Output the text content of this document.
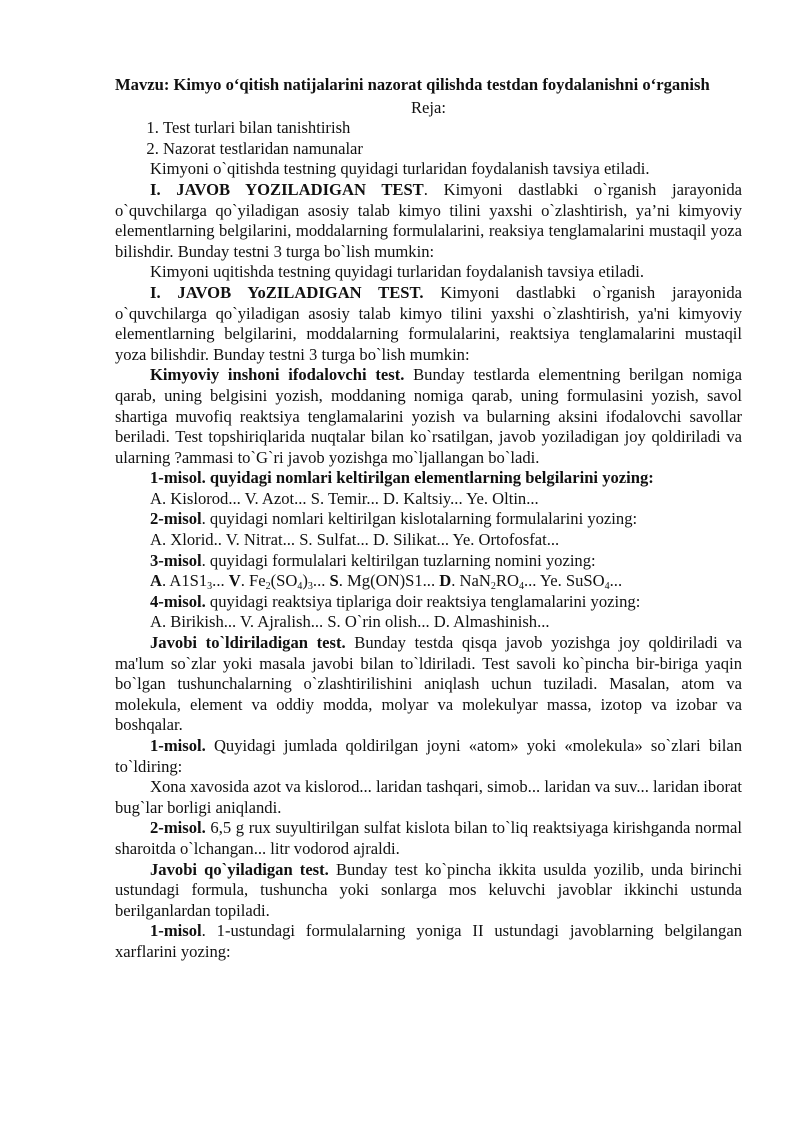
Mavzu: Kimyo o‘qitish natijalarini nazorat qilishda testdan foydalanishni o‘rganish

Reja:
1. Test turlari bilan tanishtirish
2. Nazorat testlaridan namunalar

Kimyoni o`qitishda testning quyidagi turlaridan foydalanish tavsiya etiladi.

I. JAVOB YOZILADIGAN TEST. Kimyoni dastlabki o`rganish jarayonida o`quvchilarga qo`yiladigan asosiy talab kimyo tilini yaxshi o`zlashtirish, ya’ni kimyoviy elementlarning belgilarini, moddalarning formulalarini, reaksiya tenglamalarini mustaqil yoza bilishdir. Bunday testni 3 turga bo`lish mumkin:

Kimyoni uqitishda testning quyidagi turlaridan foydalanish tavsiya etiladi.

I. JAVOB YoZILADIGAN TEST. Kimyoni dastlabki o`rganish jarayonida o`quvchilarga qo`yiladigan asosiy talab kimyo tilini yaxshi o`zlashtirish, ya'ni kimyoviy elementlarning belgilarini, moddalarning formulalarini, reaktsiya tenglamalarini mustaqil yoza bilishdir. Bunday testni 3 turga bo`lish mumkin:

Kimyoviy inshoni ifodalovchi test. Bunday testlarda elementning berilgan nomiga qarab, uning belgisini yozish, moddaning nomiga qarab, uning formulasini yozish, savol shartiga muvofiq reaktsiya tenglamalarini yozish va bularning aksini ifodalovchi savollar beriladi. Test topshiriqlarida nuqtalar bilan ko`rsatilgan, javob yoziladigan joy qoldiriladi va ularning ?ammasi to`G`ri javob yozishga mo`ljallangan bo`ladi.

1-misol. quyidagi nomlari keltirilgan elementlarning belgilarini yozing:

A. Kislorod... V. Azot... S. Temir... D. Kaltsiy... Ye. Oltin...

2-misol. quyidagi nomlari keltirilgan kislotalarning formulalarini yozing:

A. Xlorid.. V. Nitrat... S. Sulfat... D. Silikat... Ye. Ortofosfat...

3-misol. quyidagi formulalari keltirilgan tuzlarning nomini yozing:

A. $A1S1_3$... V. $Fe_2(SO_4)_3$... S. Mg(ON)S1... D. $NaN_2RO_4$... Ye. SuSO$_4$...

4-misol. quyidagi reaktsiya tiplariga doir reaktsiya tenglamalarini yozing:

A. Birikish... V. Ajralish... S. O`rin olish... D. Almashinish...

Javobi to`ldiriladigan test. Bunday testda qisqa javob yozishga joy qoldiriladi va ma'lum so`zlar yoki masala javobi bilan to`ldiriladi. Test savoli ko`pincha bir-biriga yaqin bo`lgan tushunchalarning o`zlashtirilishini aniqlash uchun tuziladi. Masalan, atom va molekula, element va oddiy modda, molyar va molekulyar massa, izotop va izobar va boshqalar.

1-misol. Quyidagi jumlada qoldirilgan joyni «atom» yoki «molekula» so`zlari bilan to`ldiring:

Xona xavosida azot va kislorod... laridan tashqari, simob... laridan va suv... laridan iborat bug`lar borligi aniqlandi.

2-misol. 6,5 g rux suyultirilgan sulfat kislota bilan to`liq reaktsiyaga kirishganda normal sharoitda o`lchangan... litr vodorod ajraldi.

Javobi qo`yiladigan test. Bunday test ko`pincha ikkita usulda yozilib, unda birinchi ustundagi formula, tushuncha yoki sonlarga mos keluvchi javoblar ikkinchi ustunda berilganlardan topiladi.

1-misol. 1-ustundagi formulalarning yoniga II ustundagi javoblarning belgilangan xarflarini yozing:
